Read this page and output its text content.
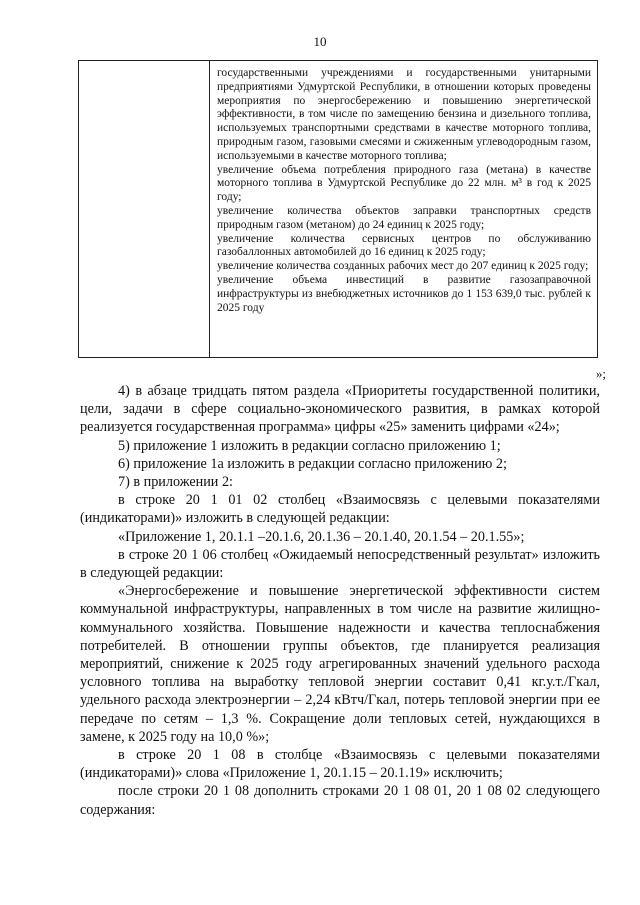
10

государственными учреждениями и государственными унитарными предприятиями Удмуртской Республики, в отношении которых проведены мероприятия по энергосбережению и повышению энергетической эффективности, в том числе по замещению бензина и дизельного топлива, используемых транспортными средствами в качестве моторного топлива, природным газом, газовыми смесями и сжиженным углеводородным газом, используемыми в качестве моторного топлива;

увеличение объема потребления природного газа (метана) в качестве моторного топлива в Удмуртской Республике до 22 млн. м³ в год к 2025 году;

увеличение количества объектов заправки транспортных средств природным газом (метаном) до 24 единиц к 2025 году;

увеличение количества сервисных центров по обслуживанию газобаллонных автомобилей до 16 единиц к 2025 году;

увеличение количества созданных рабочих мест до 207 единиц к 2025 году;

увеличение объема инвестиций в развитие газозаправочной инфраструктуры из внебюджетных источников до 1 153 639,0 тыс. рублей к 2025 году

»;

4) в абзаце тридцать пятом раздела «Приоритеты государственной политики, цели, задачи в сфере социально-экономического развития, в рамках которой реализуется государственная программа» цифры «25» заменить цифрами «24»;

5) приложение 1 изложить в редакции согласно приложению 1;

6) приложение 1а изложить в редакции согласно приложению 2;

7) в приложении 2:

в строке 20 1 01 02 столбец «Взаимосвязь с целевыми показателями (индикаторами)» изложить в следующей редакции:

«Приложение 1, 20.1.1 –20.1.6, 20.1.36 – 20.1.40, 20.1.54 – 20.1.55»;

в строке 20 1 06 столбец «Ожидаемый непосредственный результат» изложить в следующей редакции:

«Энергосбережение и повышение энергетической эффективности систем коммунальной инфраструктуры, направленных в том числе на развитие жилищно-коммунального хозяйства. Повышение надежности и качества теплоснабжения потребителей. В отношении группы объектов, где планируется реализация мероприятий, снижение к 2025 году агрегированных значений удельного расхода условного топлива на выработку тепловой энергии составит 0,41 кг.у.т./Гкал, удельного расхода электроэнергии – 2,24 кВтч/Гкал, потерь тепловой энергии при ее передаче по сетям – 1,3 %. Сокращение доли тепловых сетей, нуждающихся в замене, к 2025 году на 10,0 %»;

в строке 20 1 08 в столбце «Взаимосвязь с целевыми показателями (индикаторами)» слова «Приложение 1, 20.1.15 – 20.1.19» исключить;

после строки 20 1 08 дополнить строками 20 1 08 01, 20 1 08 02 следующего содержания:
